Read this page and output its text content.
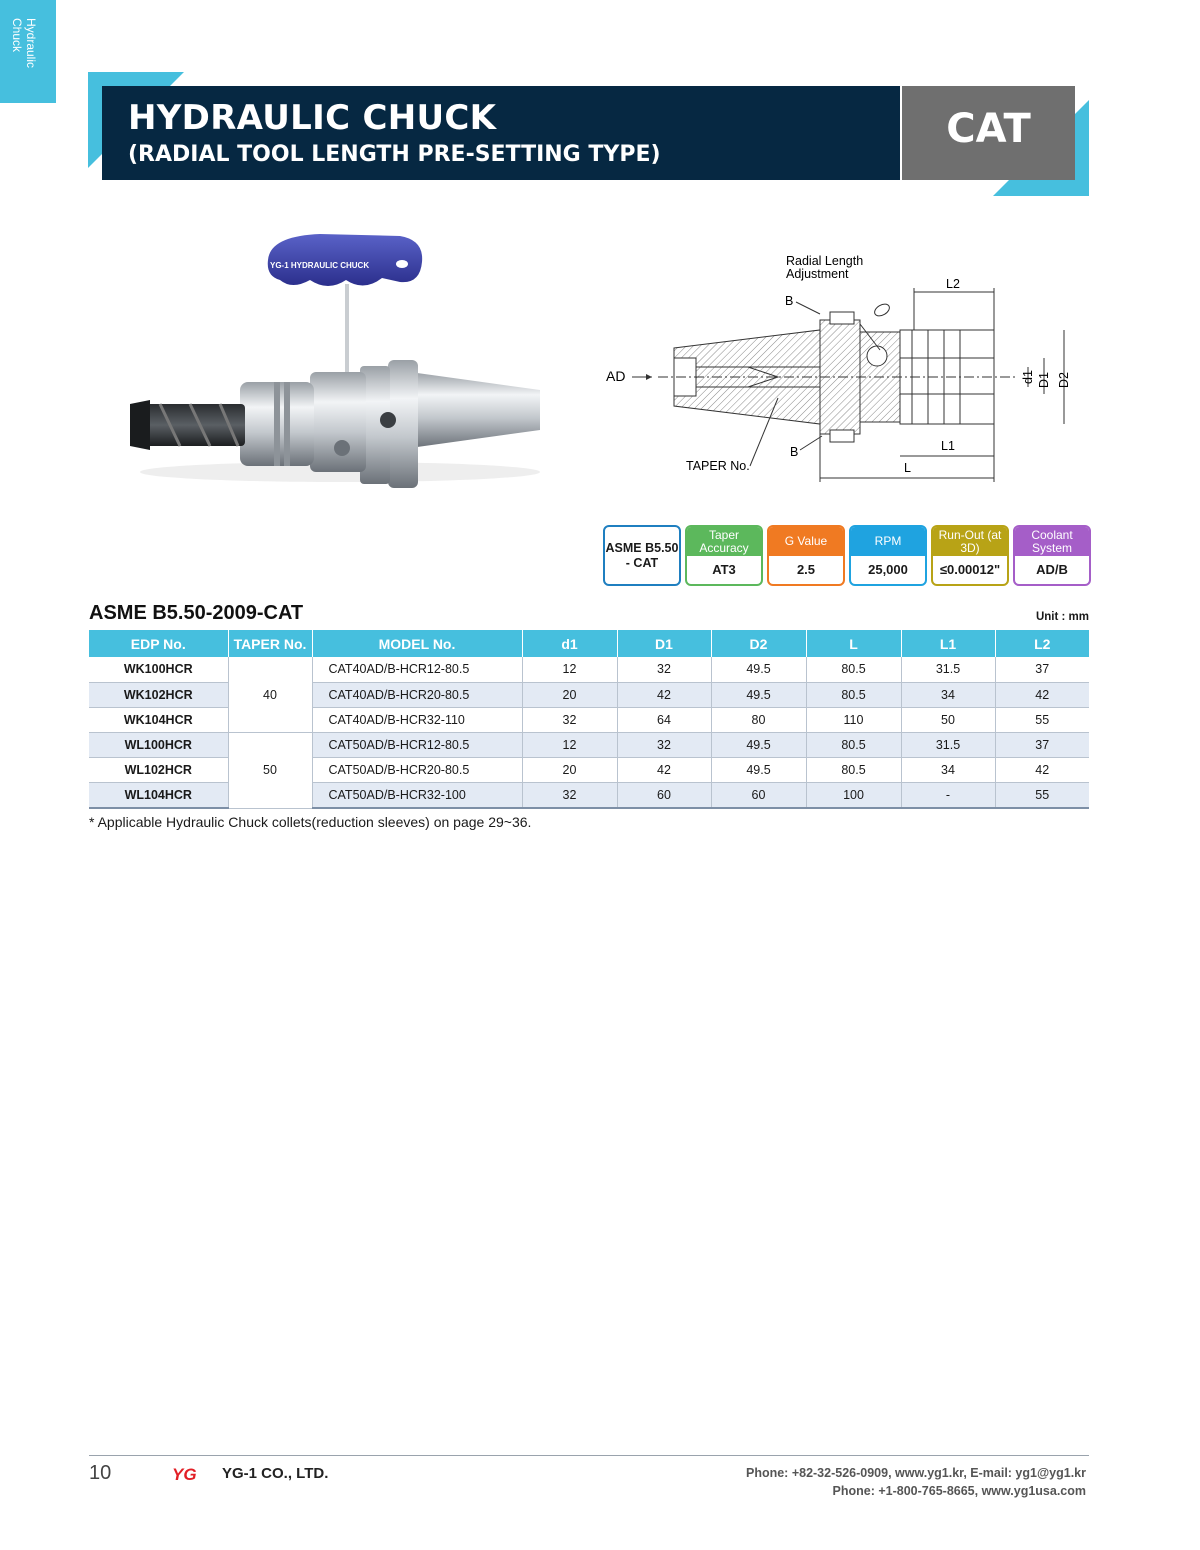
Hydraulic Chuck
HYDRAULIC CHUCK
(RADIAL TOOL LENGTH PRE-SETTING TYPE)
CAT
YG-1 HYDRAULIC CHUCK	Radial Length
Adjustment
B
AD
TAPER No.
B
L2
L1
L
d1 D1 D2
ASME B5.50
- CAT
Taper Accuracy
AT3
G Value
2.5
RPM
25,000
Run-Out (at 3D)
≤0.00012"
Coolant System
AD/B
ASME B5.50-2009-CAT	Unit : mm
EDP No.	TAPER No.	MODEL No.	d1	D1	D2	L	L1	L2
WK100HCR	40	CAT40AD/B-HCR12-80.5	12	32	49.5	80.5	31.5	37
WK102HCR		CAT40AD/B-HCR20-80.5	20	42	49.5	80.5	34	42
WK104HCR		CAT40AD/B-HCR32-110	32	64	80	110	50	55
WL100HCR	50	CAT50AD/B-HCR12-80.5	12	32	49.5	80.5	31.5	37
WL102HCR		CAT50AD/B-HCR20-80.5	20	42	49.5	80.5	34	42
WL104HCR		CAT50AD/B-HCR32-100	32	60	60	100	-	55
* Applicable Hydraulic Chuck collets(reduction sleeves) on page 29~36.
10	YG YG-1 CO., LTD.	Phone: +82-32-526-0909, www.yg1.kr, E-mail: yg1@yg1.kr
Phone: +1-800-765-8665, www.yg1usa.com
